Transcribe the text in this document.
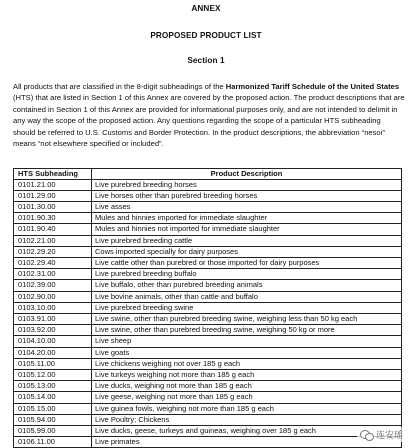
ANNEX
PROPOSED PRODUCT LIST
Section 1
All products that are classified in the 8-digit subheadings of the Harmonized Tariff Schedule of the United States (HTS) that are listed in Section 1 of this Annex are covered by the proposed action. The product descriptions that are contained in Section 1 of this Annex are provided for informational purposes only, and are not intended to delimit in any way the scope of the proposed action. Any questions regarding the scope of a particular HTS subheading should be referred to U.S. Customs and Border Protection. In the product descriptions, the abbreviation “nesoi” means “not elsewhere specified or included”.
HTS Subheading	Product Description
0101.21.00	Live purebred breeding horses
0101.29.00	Live horses other than purebred breeding horses
0101.30.00	Live asses
0101.90.30	Mules and hinnies imported for immediate slaughter
0101.90.40	Mules and hinnies not imported for immediate slaughter
0102.21.00	Live purebred breeding cattle
0102.29.20	Cows imported specially for dairy purposes
0102.29.40	Live cattle other than purebred or those imported for dairy purposes
0102.31.00	Live purebred breeding buffalo
0102.39.00	Live buffalo, other than purebred breeding animals
0102.90.00	Live bovine animals, other than cattle and buffalo
0103.10.00	Live purebred breeding swine
0103.91.00	Live swine, other than purebred breeding swine, weighing less than 50 kg each
0103.92.00	Live swine, other than purebred breeding swine, weighing 50 kg or more
0104.10.00	Live sheep
0104.20.00	Live goats
0105.11.00	Live chickens weighing not over 185 g each
0105.12.00	Live turkeys weighing not more than 185 g each
0105.13.00	Live ducks, weighing not more than 185 g each
0105.14.00	Live geese, weighing not more than 185 g each
0105.15.00	Live guinea fowls, weighing not more than 185 g each
0105.94.00	Live Poultry; Chickens
0105.99.00	Live ducks, geese, turkeys and guineas, weighing over 185 g each
0106.11.00	Live primates
连安瑶
